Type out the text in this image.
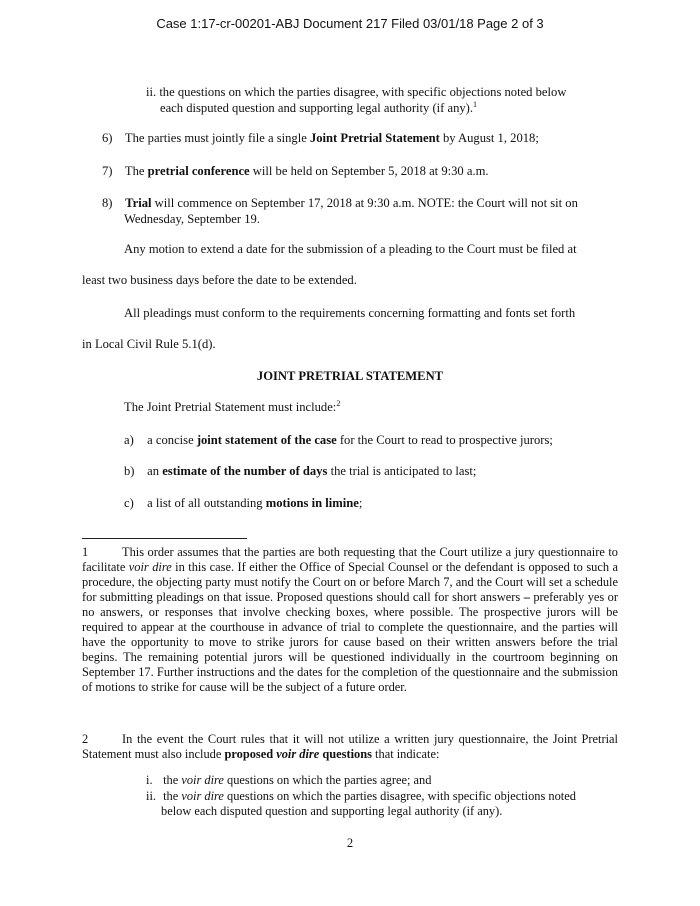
Case 1:17-cr-00201-ABJ Document 217 Filed 03/01/18 Page 2 of 3
ii. the questions on which the parties disagree, with specific objections noted below
each disputed question and supporting legal authority (if any).$^1$
6) The parties must jointly file a single Joint Pretrial Statement by August 1, 2018;
7) The pretrial conference will be held on September 5, 2018 at 9:30 a.m.
8) Trial will commence on September 17, 2018 at 9:30 a.m. NOTE: the Court will not sit on
Wednesday, September 19.
Any motion to extend a date for the submission of a pleading to the Court must be filed at
least two business days before the date to be extended.
All pleadings must conform to the requirements concerning formatting and fonts set forth
in Local Civil Rule 5.1(d).
JOINT PRETRIAL STATEMENT
The Joint Pretrial Statement must include:$^2$
a) a concise joint statement of the case for the Court to read to prospective jurors;
b) an estimate of the number of days the trial is anticipated to last;
c) a list of all outstanding motions in limine;
1	This order assumes that the parties are both requesting that the Court utilize a jury questionnaire to facilitate voir dire in this case. If either the Office of Special Counsel or the defendant is opposed to such a procedure, the objecting party must notify the Court on or before March 7, and the Court will set a schedule for submitting pleadings on that issue. Proposed questions should call for short answers – preferably yes or no answers, or responses that involve checking boxes, where possible. The prospective jurors will be required to appear at the courthouse in advance of trial to complete the questionnaire, and the parties will have the opportunity to move to strike jurors for cause based on their written answers before the trial begins. The remaining potential jurors will be questioned individually in the courtroom beginning on September 17. Further instructions and the dates for the completion of the questionnaire and the submission of motions to strike for cause will be the subject of a future order.
2	In the event the Court rules that it will not utilize a written jury questionnaire, the Joint Pretrial Statement must also include proposed voir dire questions that indicate:
i. the voir dire questions on which the parties agree; and
ii. the voir dire questions on which the parties disagree, with specific objections noted
below each disputed question and supporting legal authority (if any).
2
